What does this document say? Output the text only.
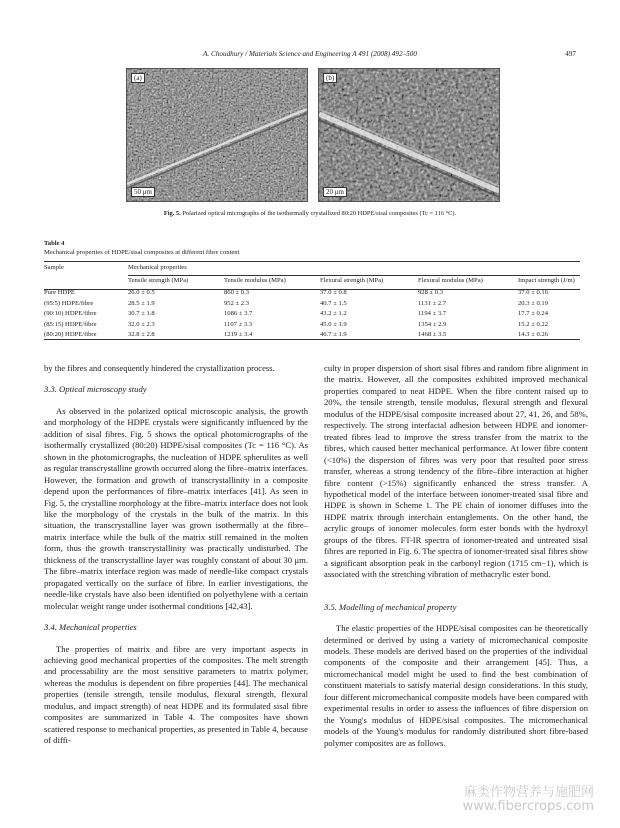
A. Choudhury / Materials Science and Engineering A 491 (2008) 492–500	497
(a)
50 μm
(b)
20 μm
Fig. 5. Polarized optical micrographs of the isothermally crystallized 80:20 HDPE/sisal composites (Tc = 116 °C).
Table 4
Mechanical properties of HDPE/sisal composites at different fibre content
Sample	Mechanical properties				
	Tensile strength (MPa)	Tensile modulus (MPa)	Flexural strength (MPa)	Flexural modulus (MPa)	Impact strength (J/m)
Pure HDPE	26.0 ± 0.5	860 ± 0.3	37.0 ± 0.8	928 ± 0.3	37.0 ± 0.16
(95:5) HDPE/fibre	28.5 ± 1.9	952 ± 2.3	40.7 ± 1.5	1131 ± 2.7	20.3 ± 0.19
(90:10) HDPE/fibre	30.7 ± 1.8	1086 ± 3.7	43.2 ± 1.2	1194 ± 3.7	17.7 ± 0.24
(85:15) HDPE/fibre	32.0 ± 2.3	1107 ± 3.3	45.0 ± 1.9	1354 ± 2.9	15.2 ± 0.22
(80:20) HDPE/fibre	32.8 ± 2.8	1219 ± 3.4	46.7 ± 1.9	1468 ± 3.5	14.3 ± 0.26

by the fibres and consequently hindered the crystallization process.

3.3. Optical microscopy study

As observed in the polarized optical microscopic analysis, the growth and morphology of the HDPE crystals were significantly influenced by the addition of sisal fibres. Fig. 5 shows the optical photomicrographs of the isothermally crystallized (80:20) HDPE/sisal composites (Tc = 116 °C). As shown in the photomicrographs, the nucleation of HDPE spherulites as well as regular transcrystalline growth occurred along the fibre–matrix interfaces. However, the formation and growth of transcrystallinity in a composite depend upon the performances of fibre–matrix interfaces [41]. As seen in Fig. 5, the crystalline morphology at the fibre–matrix interface does not look like the morphology of the crystals in the bulk of the matrix. In this situation, the transcrystalline layer was grown isothermally at the fibre–matrix interface while the bulk of the matrix still remained in the molten form, thus the growth transcrystallinity was practically undisturbed. The thickness of the transcrystalline layer was roughly constant of about 30 μm. The fibre–matrix interface region was made of needle-like compact crystals propagated vertically on the surface of fibre. In earlier investigations, the needle-like crystals have also been identified on polyethylene with a certain molecular weight range under isothermal conditions [42,43].

3.4. Mechanical properties

The properties of matrix and fibre are very important aspects in achieving good mechanical properties of the composites. The melt strength and processability are the most sensitive parameters to matrix polymer, whereas the modulus is dependent on fibre properties [44]. The mechanical properties (tensile strength, tensile modulus, flexural strength, flexural modulus, and impact strength) of neat HDPE and its formulated sisal fibre composites are summarized in Table 4. The composites have shown scattered response to mechanical properties, as presented in Table 4, because of diffi-

culty in proper dispersion of short sisal fibres and random fibre alignment in the matrix. However, all the composites exhibited improved mechanical properties compared to neat HDPE. When the fibre content raised up to 20%, the tensile strength, tensile modulus, flexural strength and flexural modulus of the HDPE/sisal composite increased about 27, 41, 26, and 58%, respectively. The strong interfacial adhesion between HDPE and ionomer-treated fibres lead to improve the stress transfer from the matrix to the fibres, which caused better mechanical performance. At lower fibre content (<10%) the dispersion of fibres was very poor that resulted poor stress transfer, whereas a strong tendency of the fibre–fibre interaction at higher fibre content (>15%) significantly enhanced the stress transfer. A hypothetical model of the interface between ionomer-treated sisal fibre and HDPE is shown in Scheme 1. The PE chain of ionomer diffuses into the HDPE matrix through interchain entanglements. On the other hand, the acrylic groups of ionomer molecules form ester bonds with the hydroxyl groups of the fibres. FT-IR spectra of ionomer-treated and untreated sisal fibres are reported in Fig. 6. The spectra of ionomer-treated sisal fibres show a significant absorption peak in the carbonyl region (1715 cm−1), which is associated with the stretching vibration of methacrylic ester bond.

3.5. Modelling of mechanical property

The elastic properties of the HDPE/sisal composites can be theoretically determined or derived by using a variety of micromechanical composite models. These models are derived based on the properties of the individual components of the composite and their arrangement [45]. Thus, a micromechanical model might be used to find the best combination of constituent materials to satisfy material design considerations. In this study, four different micromechanical composite models have been compared with experimental results in order to assess the influences of fibre dispersion on the Young's modulus of HDPE/sisal composites. The micromechanical models of the Young's modulus for randomly distributed short fibre-based polymer composites are as follows.

麻类作物营养与施肥网
www.fibercrops.com
